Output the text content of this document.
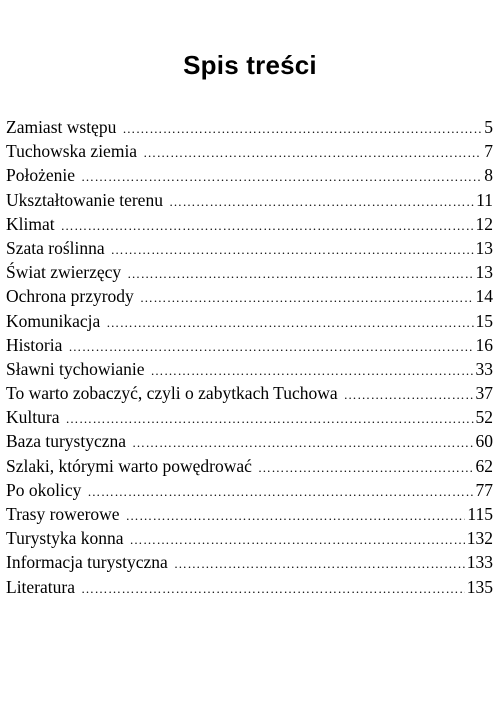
Spis treści
Zamiast wstępu ……………………………………………………………………………………………………………………………………………………………………	5
Tuchowska ziemia ……………………………………………………………………………………………………………………………………………………………………	7
Położenie ……………………………………………………………………………………………………………………………………………………………………	8
Ukształtowanie terenu ……………………………………………………………………………………………………………………………………………………………………	11
Klimat ……………………………………………………………………………………………………………………………………………………………………	12
Szata roślinna ……………………………………………………………………………………………………………………………………………………………………	13
Świat zwierzęcy ……………………………………………………………………………………………………………………………………………………………………	13
Ochrona przyrody ……………………………………………………………………………………………………………………………………………………………………	14
Komunikacja ……………………………………………………………………………………………………………………………………………………………………	15
Historia ……………………………………………………………………………………………………………………………………………………………………	16
Sławni tychowianie ……………………………………………………………………………………………………………………………………………………………………	33
To warto zobaczyć, czyli o zabytkach Tuchowa ……………………………………………………………………………………………………………………………………………………………………	37
Kultura ……………………………………………………………………………………………………………………………………………………………………	52
Baza turystyczna ……………………………………………………………………………………………………………………………………………………………………	60
Szlaki, którymi warto powędrować ……………………………………………………………………………………………………………………………………………………………………	62
Po okolicy ……………………………………………………………………………………………………………………………………………………………………	77
Trasy rowerowe ……………………………………………………………………………………………………………………………………………………………………	115
Turystyka konna ……………………………………………………………………………………………………………………………………………………………………	132
Informacja turystyczna ……………………………………………………………………………………………………………………………………………………………………	133
Literatura ……………………………………………………………………………………………………………………………………………………………………	135
